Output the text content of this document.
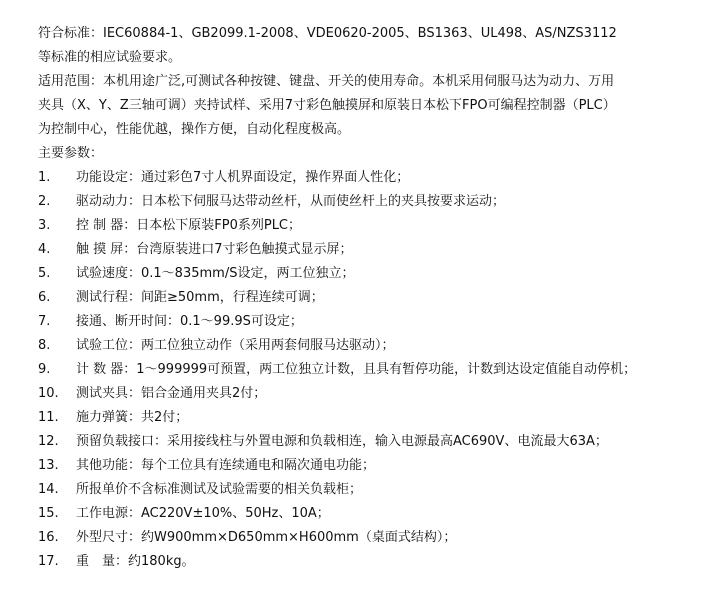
符合标准：IEC60884-1、GB2099.1-2008、VDE0620-2005、BS1363、UL498、AS/NZS3112
等标准的相应试验要求。
适用范围：本机用途广泛,可测试各种按键、键盘、开关的使用寿命。本机采用伺服马达为动力、万用
夹具（X、Y、Z三轴可调）夹持试样、采用7寸彩色触摸屏和原装日本松下FPO可编程控制器（PLC）
为控制中心，性能优越，操作方便，自动化程度极高。
主要参数：
1.	功能设定：通过彩色7寸人机界面设定，操作界面人性化；
2.	驱动动力：日本松下伺服马达带动丝杆，从而使丝杆上的夹具按要求运动；
3.	控 制 器：日本松下原装FP0系列PLC；
4.	触 摸 屏：台湾原装进口7寸彩色触摸式显示屏；
5.	试验速度：0.1～835mm/S设定，两工位独立；
6.	测试行程：间距≥50mm，行程连续可调；
7.	接通、断开时间：0.1～99.9S可设定；
8.	试验工位：两工位独立动作（采用两套伺服马达驱动）；
9.	计 数 器：1～999999可预置，两工位独立计数，且具有暂停功能，计数到达设定值能自动停机；
10.	测试夹具：铝合金通用夹具2付；
11.	施力弹簧：共2付；
12.	预留负载接口：采用接线柱与外置电源和负载相连，输入电源最高AC690V、电流最大63A；
13.	其他功能：每个工位具有连续通电和隔次通电功能；
14.	所报单价不含标准测试及试验需要的相关负载柜；
15.	工作电源：AC220V±10%、50Hz、10A；
16.	外型尺寸：约W900mm×D650mm×H600mm（桌面式结构）；
17.	重　量：约180kg。
